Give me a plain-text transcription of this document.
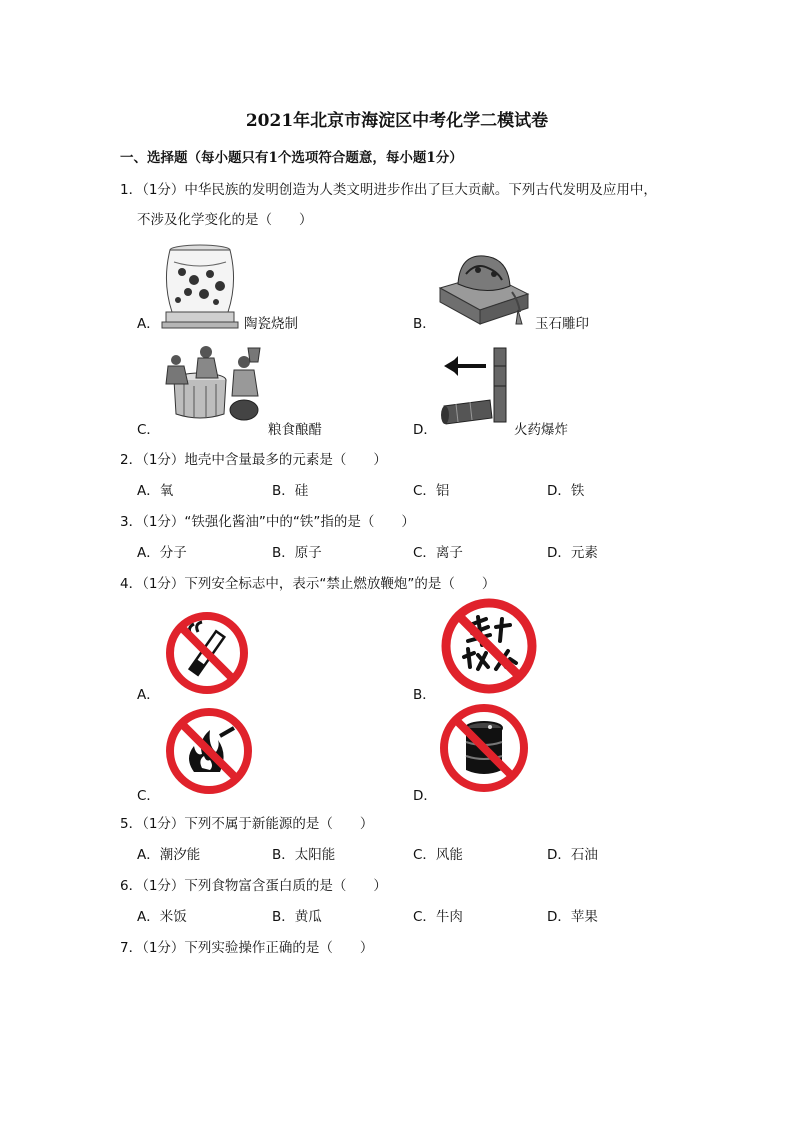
2021年北京市海淀区中考化学二模试卷
一、选择题（每小题只有1个选项符合题意，每小题1分）
1．（1分）中华民族的发明创造为人类文明进步作出了巨大贡献。下列古代发明及应用中，
不涉及化学变化的是（　　）
A．	陶瓷烧制	B．	玉石雕印
C．	粮食酿醋	D．	火药爆炸
2．（1分）地壳中含量最多的元素是（　　）
A．氧	B．硅	C．铝	D．铁
3．（1分）“铁强化酱油”中的“铁”指的是（　　）
A．分子	B．原子	C．离子	D．元素
4．（1分）下列安全标志中，表示“禁止燃放鞭炮”的是（　　）
A．	B．
C．	D．
5．（1分）下列不属于新能源的是（　　）
A．潮汐能	B．太阳能	C．风能	D．石油
6．（1分）下列食物富含蛋白质的是（　　）
A．米饭	B．黄瓜	C．牛肉	D．苹果
7．（1分）下列实验操作正确的是（　　）
